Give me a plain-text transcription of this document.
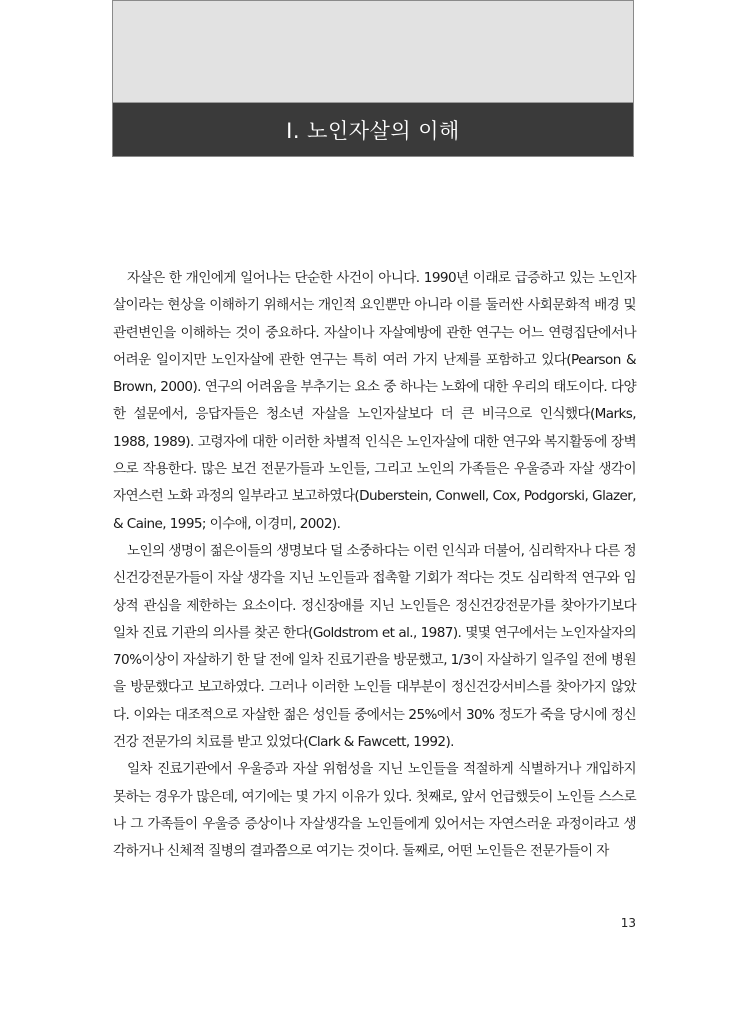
Ⅰ. 노인자살의 이해

자살은 한 개인에게 일어나는 단순한 사건이 아니다. 1990년 이래로 급증하고 있는 노인자살이라는 현상을 이해하기 위해서는 개인적 요인뿐만 아니라 이를 둘러싼 사회문화적 배경 및 관련변인을 이해하는 것이 중요하다. 자살이나 자살예방에 관한 연구는 어느 연령집단에서나 어려운 일이지만 노인자살에 관한 연구는 특히 여러 가지 난제를 포함하고 있다(Pearson & Brown, 2000). 연구의 어려움을 부추기는 요소 중 하나는 노화에 대한 우리의 태도이다. 다양한 설문에서, 응답자들은 청소년 자살을 노인자살보다 더 큰 비극으로 인식했다(Marks, 1988, 1989). 고령자에 대한 이러한 차별적 인식은 노인자살에 대한 연구와 복지활동에 장벽으로 작용한다. 많은 보건 전문가들과 노인들, 그리고 노인의 가족들은 우울증과 자살 생각이 자연스런 노화 과정의 일부라고 보고하였다(Duberstein, Conwell, Cox, Podgorski, Glazer, & Caine, 1995; 이수애, 이경미, 2002).

노인의 생명이 젊은이들의 생명보다 덜 소중하다는 이런 인식과 더불어, 심리학자나 다른 정신건강전문가들이 자살 생각을 지닌 노인들과 접촉할 기회가 적다는 것도 심리학적 연구와 임상적 관심을 제한하는 요소이다. 정신장애를 지닌 노인들은 정신건강전문가를 찾아가기보다 일차 진료 기관의 의사를 찾곤 한다(Goldstrom et al., 1987). 몇몇 연구에서는 노인자살자의 70%이상이 자살하기 한 달 전에 일차 진료기관을 방문했고, 1/3이 자살하기 일주일 전에 병원을 방문했다고 보고하였다. 그러나 이러한 노인들 대부분이 정신건강서비스를 찾아가지 않았다. 이와는 대조적으로 자살한 젊은 성인들 중에서는 25%에서 30% 정도가 죽을 당시에 정신건강 전문가의 치료를 받고 있었다(Clark & Fawcett, 1992).

일차 진료기관에서 우울증과 자살 위험성을 지닌 노인들을 적절하게 식별하거나 개입하지 못하는 경우가 많은데, 여기에는 몇 가지 이유가 있다. 첫째로, 앞서 언급했듯이 노인들 스스로나 그 가족들이 우울증 증상이나 자살생각을 노인들에게 있어서는 자연스러운 과정이라고 생각하거나 신체적 질병의 결과쯤으로 여기는 것이다. 둘째로, 어떤 노인들은 전문가들이 자

13
